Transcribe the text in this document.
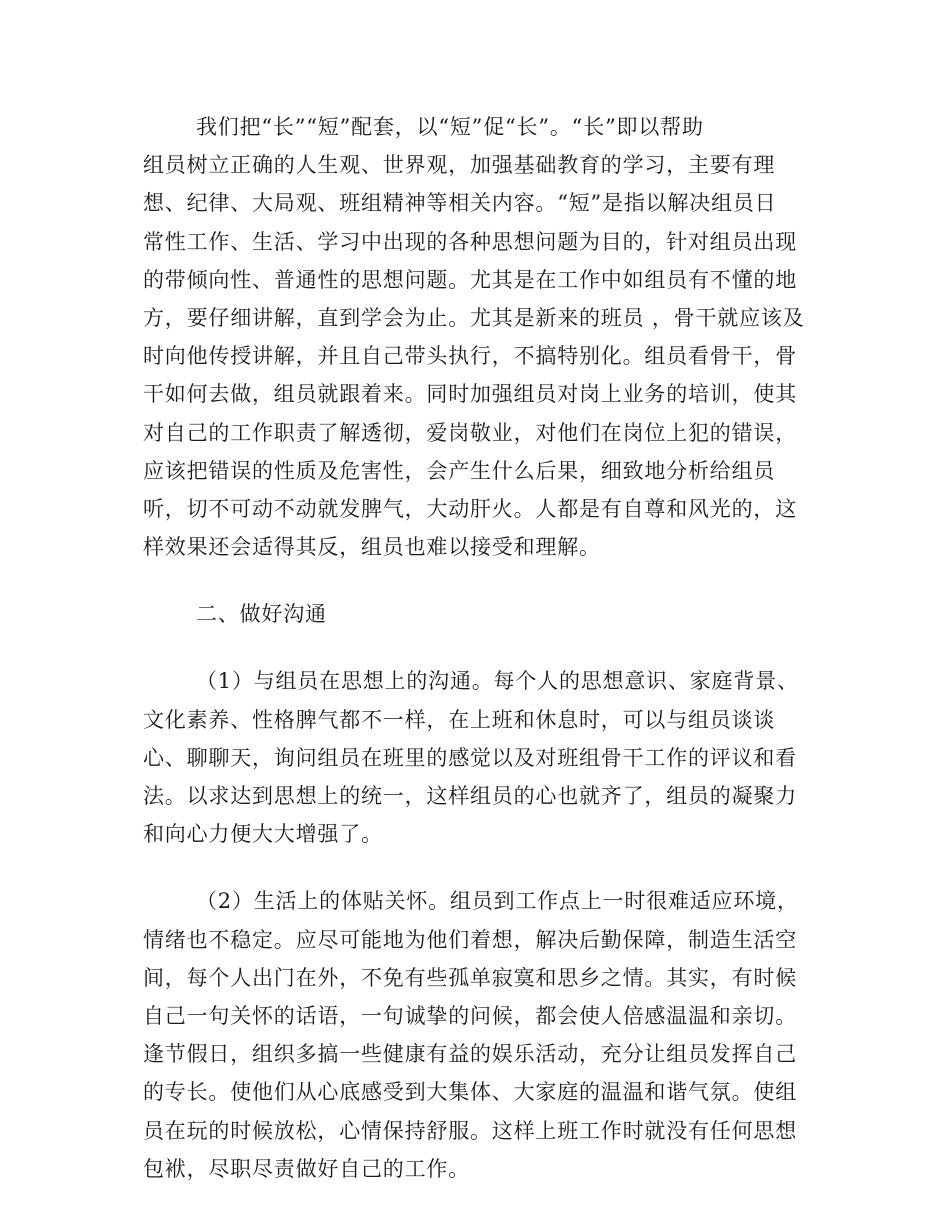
我们把“长”“短”配套，以“短”促“长”。“长”即以帮助
组员树立正确的人生观、世界观，加强基础教育的学习，主要有理
想、纪律、大局观、班组精神等相关内容。“短”是指以解决组员日
常性工作、生活、学习中出现的各种思想问题为目的，针对组员出现
的带倾向性、普通性的思想问题。尤其是在工作中如组员有不懂的地
方，要仔细讲解，直到学会为止。尤其是新来的班员 ，骨干就应该及
时向他传授讲解，并且自己带头执行，不搞特别化。组员看骨干，骨
干如何去做，组员就跟着来。同时加强组员对岗上业务的培训，使其
对自己的工作职责了解透彻，爱岗敬业，对他们在岗位上犯的错误，
应该把错误的性质及危害性，会产生什么后果，细致地分析给组员
听，切不可动不动就发脾气，大动肝火。人都是有自尊和风光的，这
样效果还会适得其反，组员也难以接受和理解。
二、做好沟通
（1）与组员在思想上的沟通。每个人的思想意识、家庭背景、
文化素养、性格脾气都不一样，在上班和休息时，可以与组员谈谈
心、聊聊天，询问组员在班里的感觉以及对班组骨干工作的评议和看
法。以求达到思想上的统一，这样组员的心也就齐了，组员的凝聚力
和向心力便大大增强了。
（2）生活上的体贴关怀。组员到工作点上一时很难适应环境，
情绪也不稳定。应尽可能地为他们着想，解决后勤保障，制造生活空
间，每个人出门在外，不免有些孤单寂寞和思乡之情。其实，有时候
自己一句关怀的话语，一句诚挚的问候，都会使人倍感温温和亲切。
逢节假日，组织多搞一些健康有益的娱乐活动，充分让组员发挥自己
的专长。使他们从心底感受到大集体、大家庭的温温和谐气氛。使组
员在玩的时候放松，心情保持舒服。这样上班工作时就没有任何思想
包袱，尽职尽责做好自己的工作。
